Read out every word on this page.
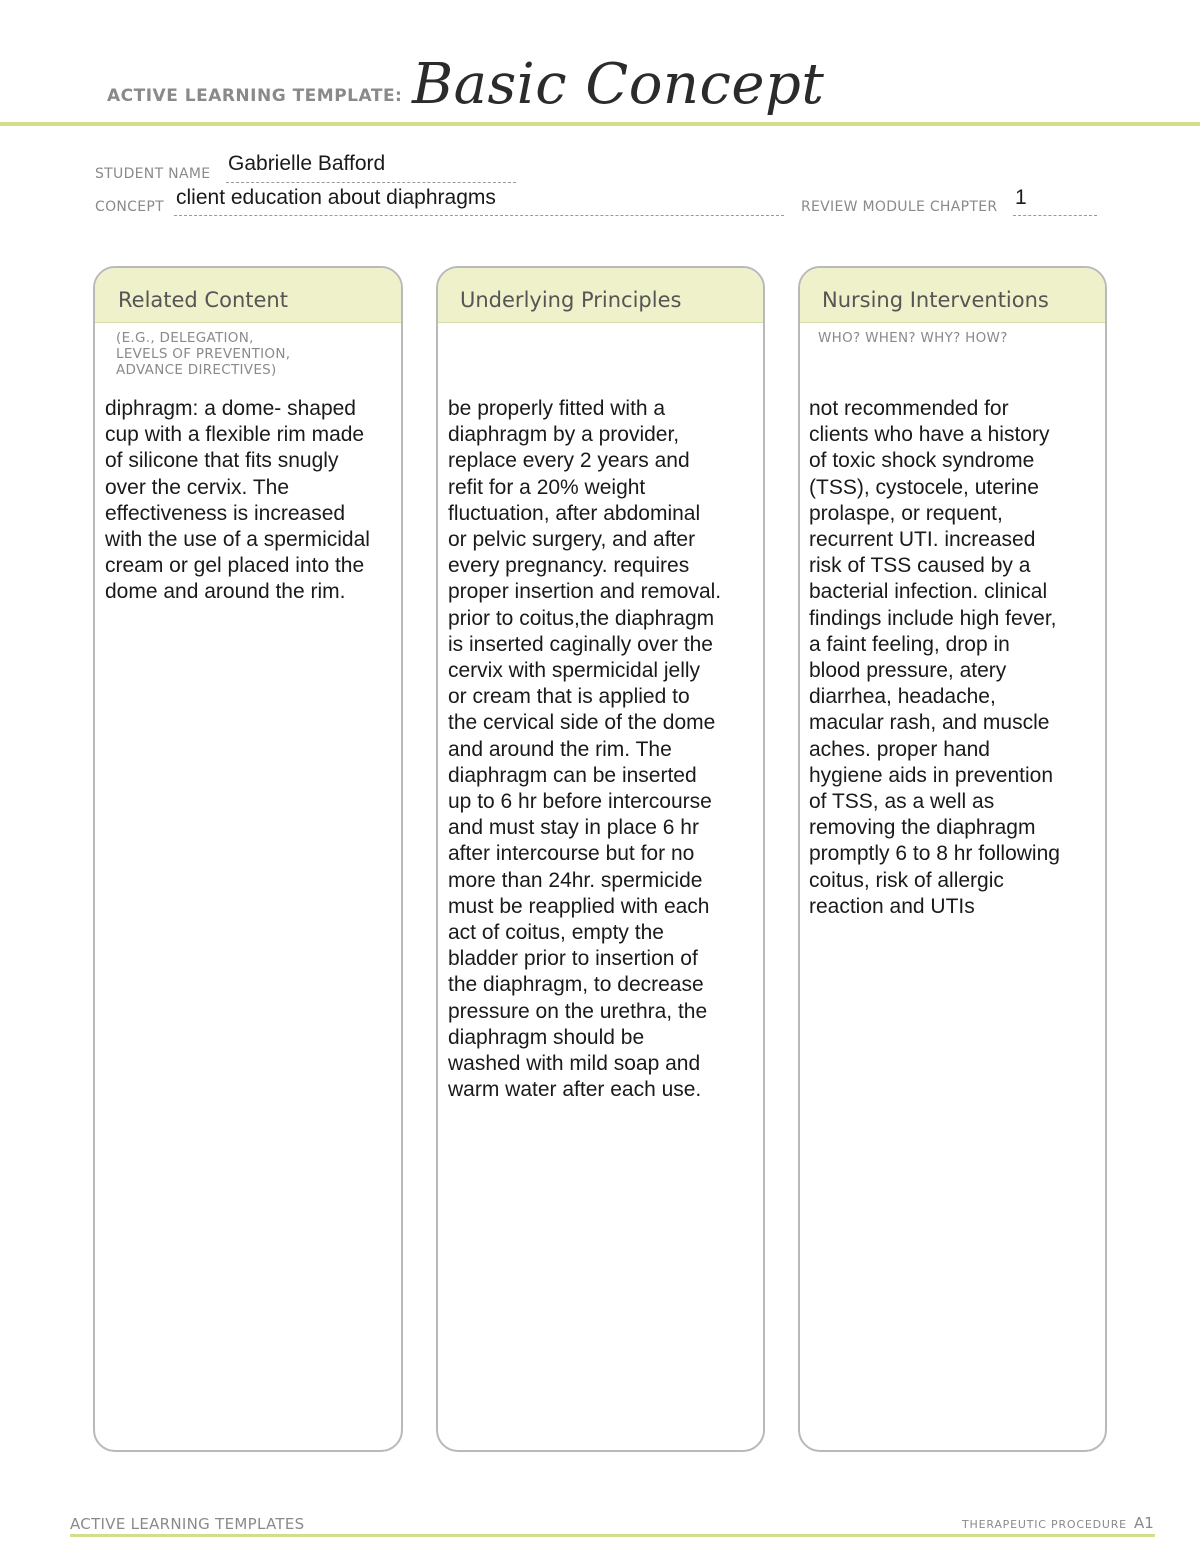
ACTIVE LEARNING TEMPLATE: Basic Concept
STUDENT NAME Gabrielle Bafford
CONCEPT client education about diaphragms	REVIEW MODULE CHAPTER 1
Related Content
(E.G., DELEGATION,
LEVELS OF PREVENTION,
ADVANCE DIRECTIVES)
diphragm: a dome- shaped
cup with a flexible rim made
of silicone that fits snugly
over the cervix. The
effectiveness is increased
with the use of a spermicidal
cream or gel placed into the
dome and around the rim.
Underlying Principles
be properly fitted with a
diaphragm by a provider,
replace every 2 years and
refit for a 20% weight
fluctuation, after abdominal
or pelvic surgery, and after
every pregnancy. requires
proper insertion and removal.
prior to coitus,the diaphragm
is inserted caginally over the
cervix with spermicidal jelly
or cream that is applied to
the cervical side of the dome
and around the rim. The
diaphragm can be inserted
up to 6 hr before intercourse
and must stay in place 6 hr
after intercourse but for no
more than 24hr. spermicide
must be reapplied with each
act of coitus, empty the
bladder prior to insertion of
the diaphragm, to decrease
pressure on the urethra, the
diaphragm should be
washed with mild soap and
warm water after each use.
Nursing Interventions
WHO? WHEN? WHY? HOW?
not recommended for
clients who have a history
of toxic shock syndrome
(TSS), cystocele, uterine
prolaspe, or requent,
recurrent UTI. increased
risk of TSS caused by a
bacterial infection. clinical
findings include high fever,
a faint feeling, drop in
blood pressure, atery
diarrhea, headache,
macular rash, and muscle
aches. proper hand
hygiene aids in prevention
of TSS, as a well as
removing the diaphragm
promptly 6 to 8 hr following
coitus, risk of allergic
reaction and UTIs
ACTIVE LEARNING TEMPLATES	THERAPEUTIC PROCEDURE A1
